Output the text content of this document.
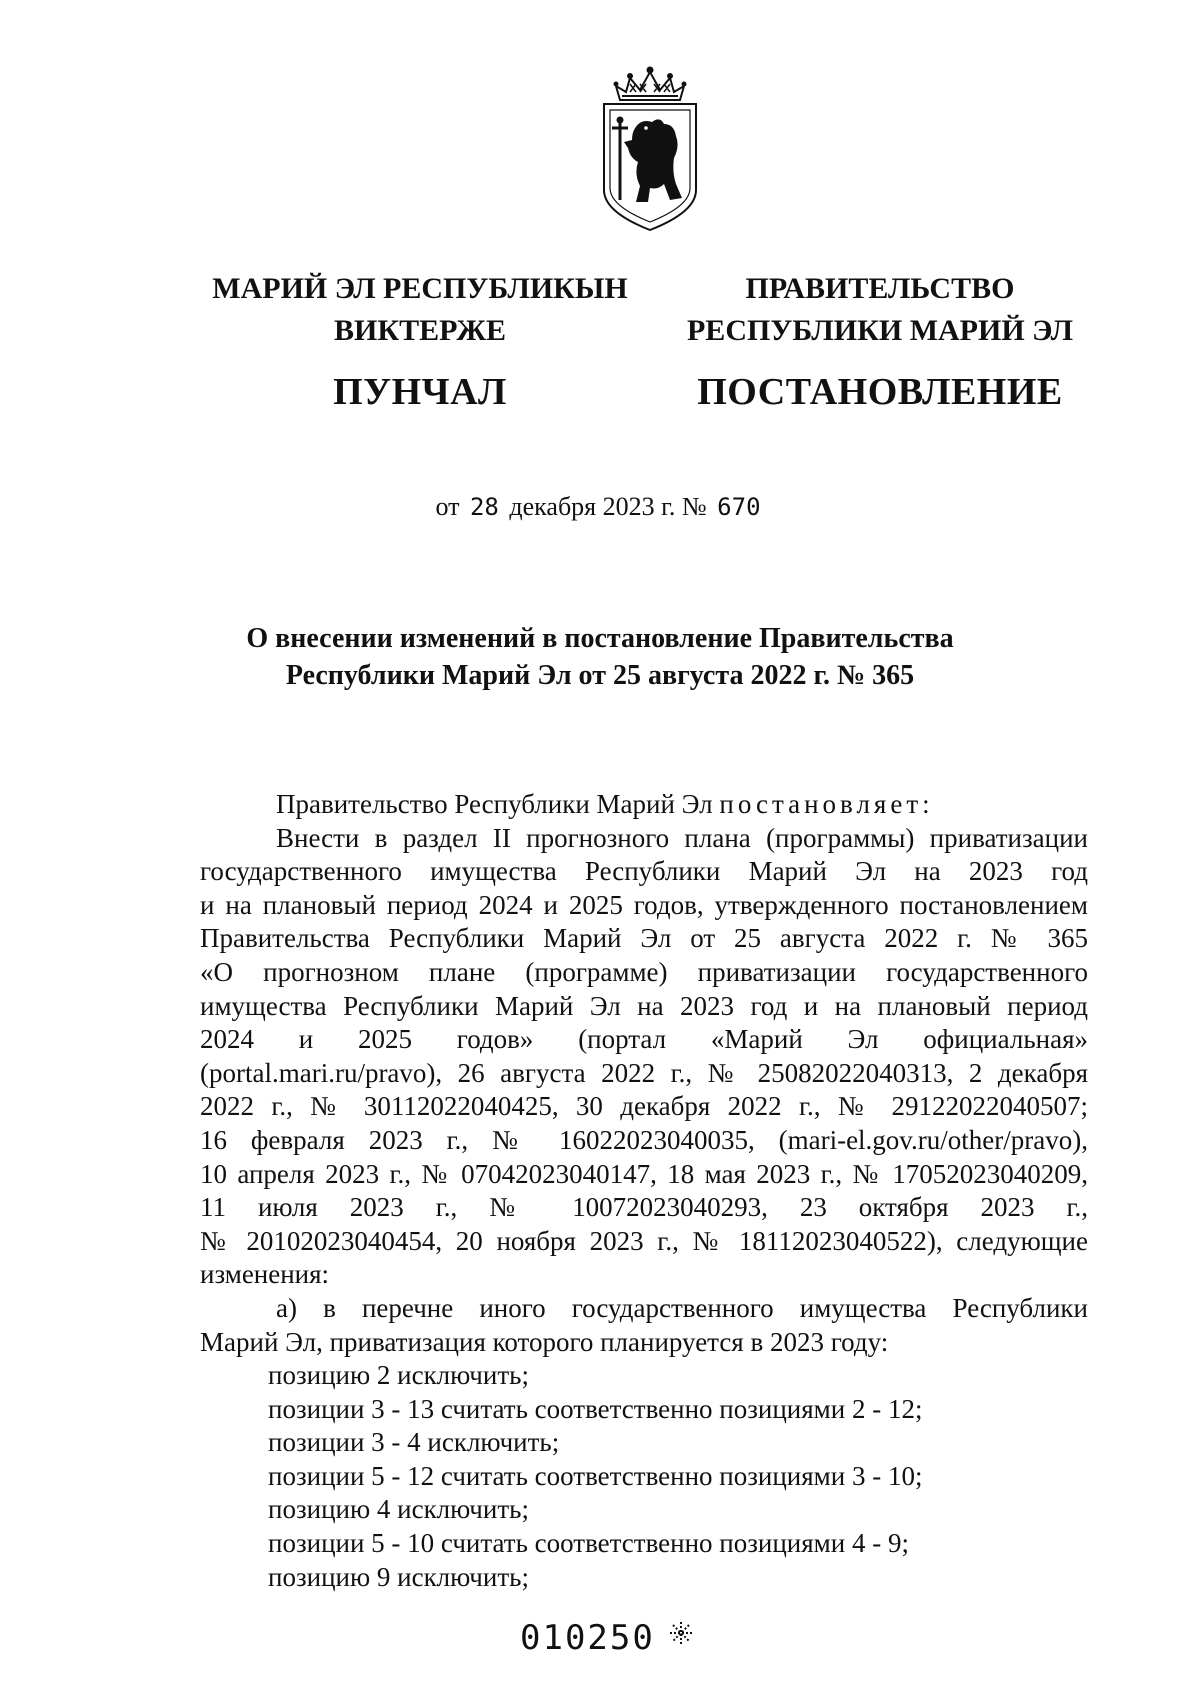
МАРИЙ ЭЛ РЕСПУБЛИКЫН
ВИКТЕРЖЕ
ПУНЧАЛ
ПРАВИТЕЛЬСТВО
РЕСПУБЛИКИ МАРИЙ ЭЛ
ПОСТАНОВЛЕНИЕ
от 28 декабря 2023 г. № 670
О внесении изменений в постановление Правительства
Республики Марий Эл от 25 августа 2022 г. № 365
Правительство Республики Марий Эл постановляет:
Внести в раздел II прогнозного плана (программы) приватизации
государственного имущества Республики Марий Эл на 2023 год
и на плановый период 2024 и 2025 годов, утвержденного постановлением
Правительства Республики Марий Эл от 25 августа 2022 г. № 365
«О прогнозном плане (программе) приватизации государственного
имущества Республики Марий Эл на 2023 год и на плановый период
2024 и 2025 годов» (портал «Марий Эл официальная»
(portal.mari.ru/pravo), 26 августа 2022 г., № 25082022040313, 2 декабря
2022 г., № 30112022040425, 30 декабря 2022 г., № 29122022040507;
16 февраля 2023 г., № 16022023040035, (mari-el.gov.ru/other/pravo),
10 апреля 2023 г., № 07042023040147, 18 мая 2023 г., № 17052023040209,
11 июля 2023 г., № 10072023040293, 23 октября 2023 г.,
№ 20102023040454, 20 ноября 2023 г., № 18112023040522), следующие
изменения:
а) в перечне иного государственного имущества Республики
Марий Эл, приватизация которого планируется в 2023 году:
позицию 2 исключить;
позиции 3 - 13 считать соответственно позициями 2 - 12;
позиции 3 - 4 исключить;
позиции 5 - 12 считать соответственно позициями 3 - 10;
позицию 4 исключить;
позиции 5 - 10 считать соответственно позициями 4 - 9;
позицию 9 исключить;
010250
